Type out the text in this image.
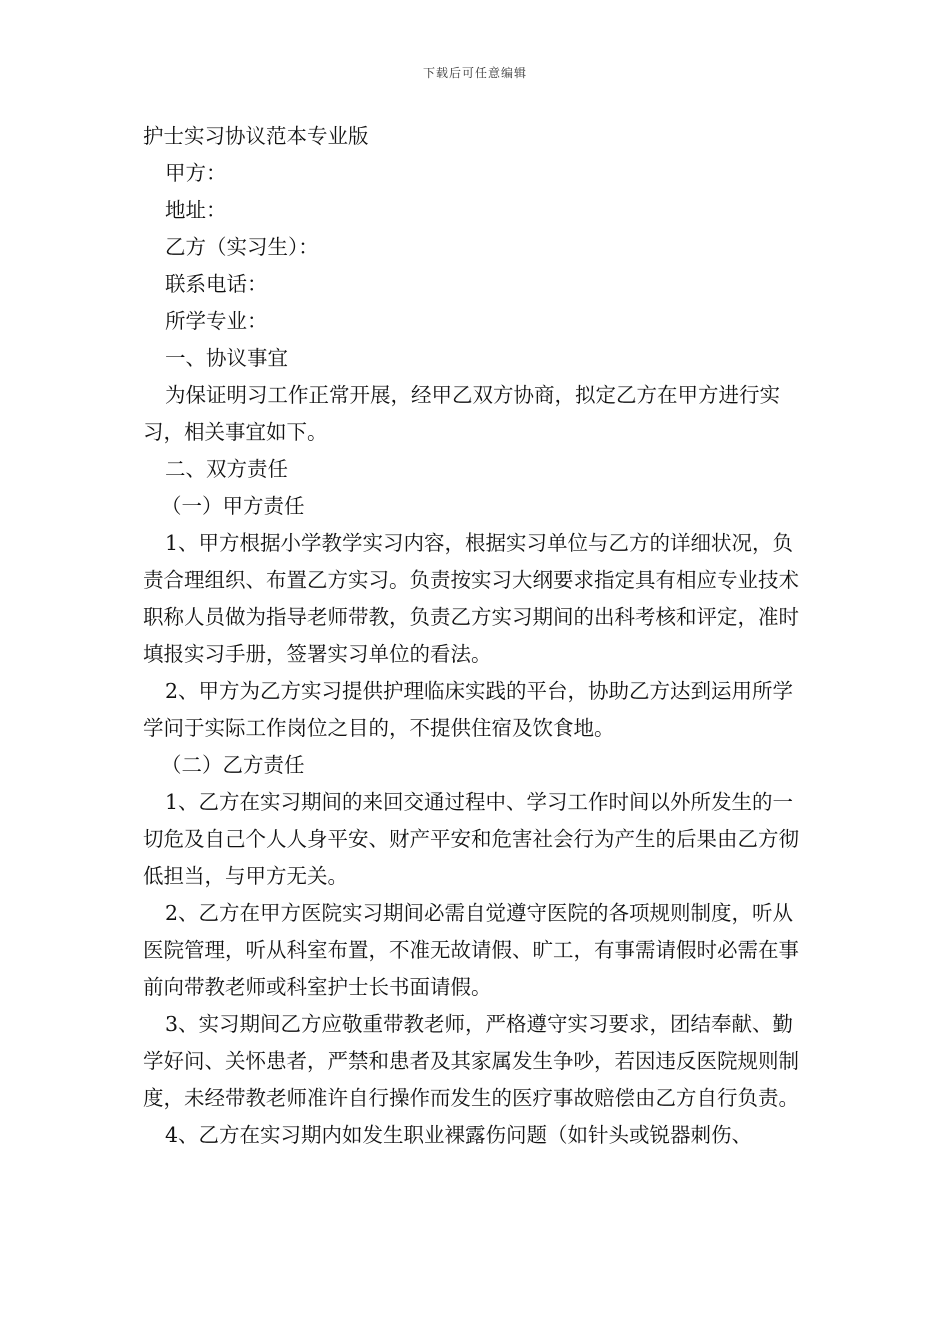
下载后可任意编辑

护士实习协议范本专业版

甲方：

地址：

乙方（实习生）：

联系电话：

所学专业：

一、协议事宜

为保证明习工作正常开展，经甲乙双方协商，拟定乙方在甲方进行实习，相关事宜如下。

二、双方责任

（一）甲方责任

1、甲方根据小学教学实习内容，根据实习单位与乙方的详细状况，负责合理组织、布置乙方实习。负责按实习大纲要求指定具有相应专业技术职称人员做为指导老师带教，负责乙方实习期间的出科考核和评定，准时填报实习手册，签署实习单位的看法。

2、甲方为乙方实习提供护理临床实践的平台，协助乙方达到运用所学学问于实际工作岗位之目的，不提供住宿及饮食地。

（二）乙方责任

1、乙方在实习期间的来回交通过程中、学习工作时间以外所发生的一切危及自己个人人身平安、财产平安和危害社会行为产生的后果由乙方彻低担当，与甲方无关。

2、乙方在甲方医院实习期间必需自觉遵守医院的各项规则制度，听从医院管理，听从科室布置，不准无故请假、旷工，有事需请假时必需在事前向带教老师或科室护士长书面请假。

3、实习期间乙方应敬重带教老师，严格遵守实习要求，团结奉献、勤学好问、关怀患者，严禁和患者及其家属发生争吵，若因违反医院规则制度，未经带教老师准许自行操作而发生的医疗事故赔偿由乙方自行负责。

4、乙方在实习期内如发生职业裸露伤问题（如针头或锐器刺伤、
